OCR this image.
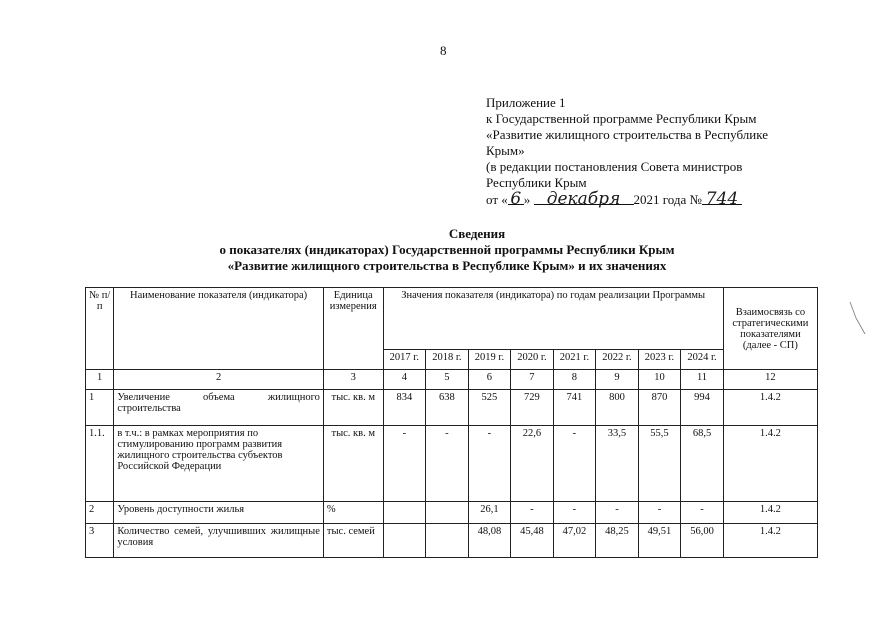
8
Приложение 1
к Государственной программе Республики Крым
«Развитие жилищного строительства в Республике
Крым»
(в редакции постановления Совета министров
Республики Крым
от « 6 » декабря 2021 года № 744
Сведения
о показателях (индикаторах) Государственной программы Республики Крым
«Развитие жилищного строительства в Республике Крым» и их значениях
№ п/п	Наименование показателя (индикатора)	Единица измерения	Значения показателя (индикатора) по годам реализации Программы								Взаимосвязь со стратегическими показателями (далее - СП)
			2017 г.	2018 г.	2019 г.	2020 г.	2021 г.	2022 г.	2023 г.	2024 г.	
1	2	3	4	5	6	7	8	9	10	11	12
1	Увеличение объема жилищного строительства	тыс. кв. м	834	638	525	729	741	800	870	994	1.4.2
1.1.	в т.ч.: в рамках мероприятия по стимулированию программ развития жилищного строительства субъектов Российской Федерации	тыс. кв. м	-	-	-	22,6	-	33,5	55,5	68,5	1.4.2
2	Уровень доступности жилья	%			26,1	-	-	-	-	-	1.4.2
3	Количество семей, улучшивших жилищные условия	тыс. семей			48,08	45,48	47,02	48,25	49,51	56,00	1.4.2
